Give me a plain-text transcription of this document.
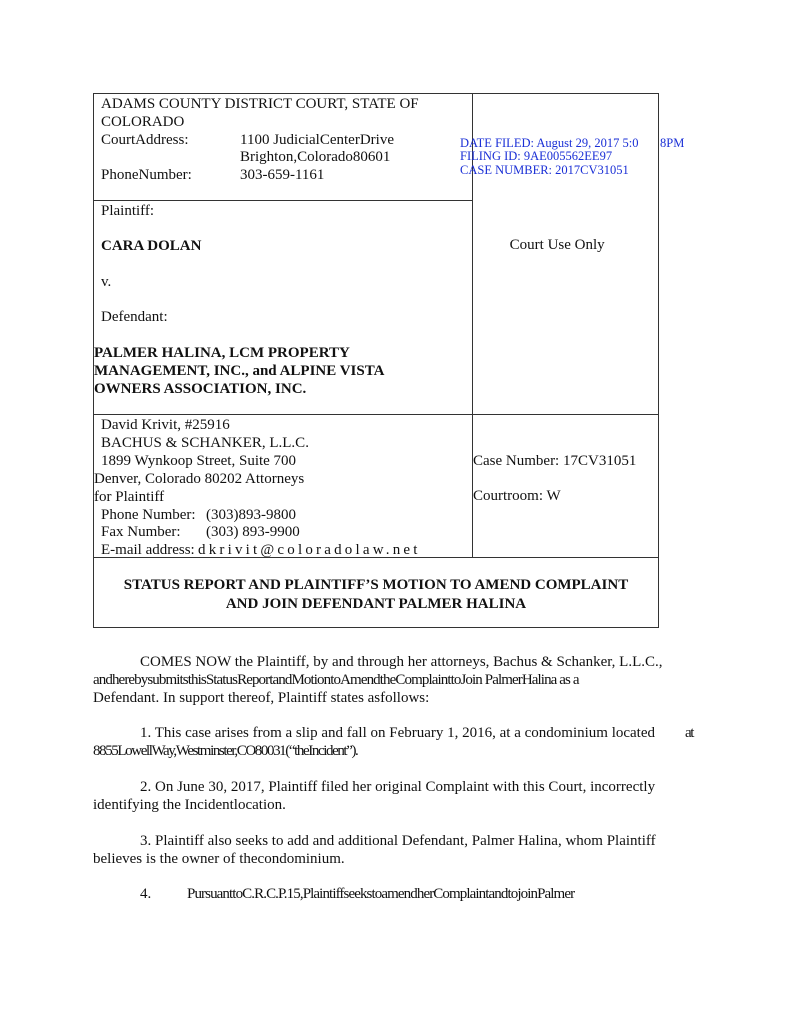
ADAMS COUNTY DISTRICT COURT, STATE OF
COLORADO
CourtAddress:	1100 JudicialCenterDrive
Brighton,Colorado80601
PhoneNumber:	303-659-1161
DATE FILED: August 29, 2017 5:0 8PM
FILING ID: 9AE005562EE97
CASE NUMBER: 2017CV31051
Plaintiff:
CARA DOLAN
v.
Defendant:
PALMER HALINA, LCM PROPERTY
MANAGEMENT, INC., and ALPINE VISTA
OWNERS ASSOCIATION, INC.
 Court Use Only 
David Krivit, #25916
BACHUS & SCHANKER, L.L.C.
1899 Wynkoop Street, Suite 700
Denver, Colorado 80202 Attorneys
for Plaintiff
Phone Number: (303)893-9800
Fax Number: (303) 893-9900
E-mail address: dkrivit@coloradolaw.net
Case Number: 17CV31051
Courtroom: W
STATUS REPORT AND PLAINTIFF’S MOTION TO AMEND COMPLAINT
AND JOIN DEFENDANT PALMER HALINA
COMES NOW the Plaintiff, by and through her attorneys, Bachus & Schanker, L.L.C.,
andherebysubmitsthisStatusReportandMotiontoAmendtheComplainttoJoin PalmerHalina as a
Defendant. In support thereof, Plaintiff states asfollows:
1. This case arises from a slip and fall on February 1, 2016, at a condominium located at
8855LowellWay,Westminster,CO80031(“theIncident”).
2. On June 30, 2017, Plaintiff filed her original Complaint with this Court, incorrectly
identifying the Incidentlocation.
3. Plaintiff also seeks to add and additional Defendant, Palmer Halina, whom Plaintiff
believes is the owner of thecondominium.
4. PursuanttoC.R.C.P.15,PlaintiffseekstoamendherComplaintandtojoinPalmer
